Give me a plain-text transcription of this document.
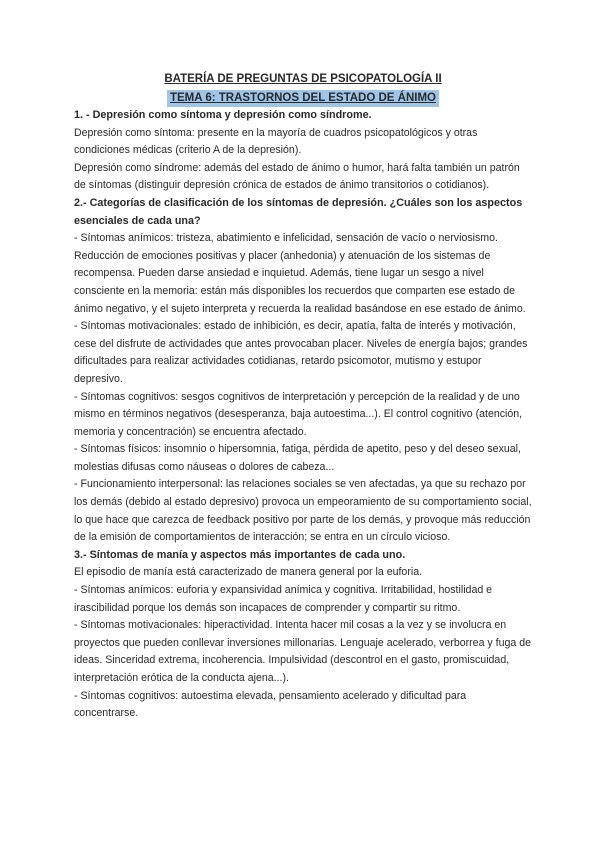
BATERÍA DE PREGUNTAS DE PSICOPATOLOGÍA II

TEMA 6: TRASTORNOS DEL ESTADO DE ÁNIMO

1. - Depresión como síntoma y depresión como síndrome.

Depresión como síntoma: presente en la mayoría de cuadros psicopatológicos y otras condiciones médicas (criterio A de la depresión).

Depresión como síndrome: además del estado de ánimo o humor, hará falta también un patrón de síntomas (distinguir depresión crónica de estados de ánimo transitorios o cotidianos).

2.- Categorías de clasificación de los síntomas de depresión. ¿Cuáles son los aspectos esenciales de cada una?

- Síntomas anímicos: tristeza, abatimiento e infelicidad, sensación de vacío o nerviosismo. Reducción de emociones positivas y placer (anhedonia) y atenuación de los sistemas de recompensa. Pueden darse ansiedad e inquietud. Además, tiene lugar un sesgo a nivel consciente en la memoria: están más disponibles los recuerdos que comparten ese estado de ánimo negativo, y el sujeto interpreta y recuerda la realidad basándose en ese estado de ánimo.

- Síntomas motivacionales: estado de inhibición, es decir, apatía, falta de interés y motivación, cese del disfrute de actividades que antes provocaban placer. Niveles de energía bajos; grandes dificultades para realizar actividades cotidianas, retardo psicomotor, mutismo y estupor depresivo.

- Síntomas cognitivos: sesgos cognitivos de interpretación y percepción de la realidad y de uno mismo en términos negativos (desesperanza, baja autoestima...). El control cognitivo (atención, memoria y concentración) se encuentra afectado.

- Síntomas físicos: insomnio o hipersomnia, fatiga, pérdida de apetito, peso y del deseo sexual, molestias difusas como náuseas o dolores de cabeza...

- Funcionamiento interpersonal: las relaciones sociales se ven afectadas, ya que su rechazo por los demás (debido al estado depresivo) provoca un empeoramiento de su comportamiento social, lo que hace que carezca de feedback positivo por parte de los demás, y provoque más reducción de la emisión de comportamientos de interacción; se entra en un círculo vicioso.

3.- Síntomas de manía y aspectos más importantes de cada uno.

El episodio de manía está caracterizado de manera general por la euforia.

- Síntomas anímicos: euforia y expansividad anímica y cognitiva. Irritabilidad, hostilidad e irascibilidad porque los demás son incapaces de comprender y compartir su ritmo.

- Síntomas motivacionales: hiperactividad. Intenta hacer mil cosas a la vez y se involucra en proyectos que pueden conllevar inversiones millonarias. Lenguaje acelerado, verborrea y fuga de ideas. Sinceridad extrema, incoherencia. Impulsividad (descontrol en el gasto, promiscuidad, interpretación erótica de la conducta ajena...).

- Síntomas cognitivos: autoestima elevada, pensamiento acelerado y dificultad para concentrarse.
